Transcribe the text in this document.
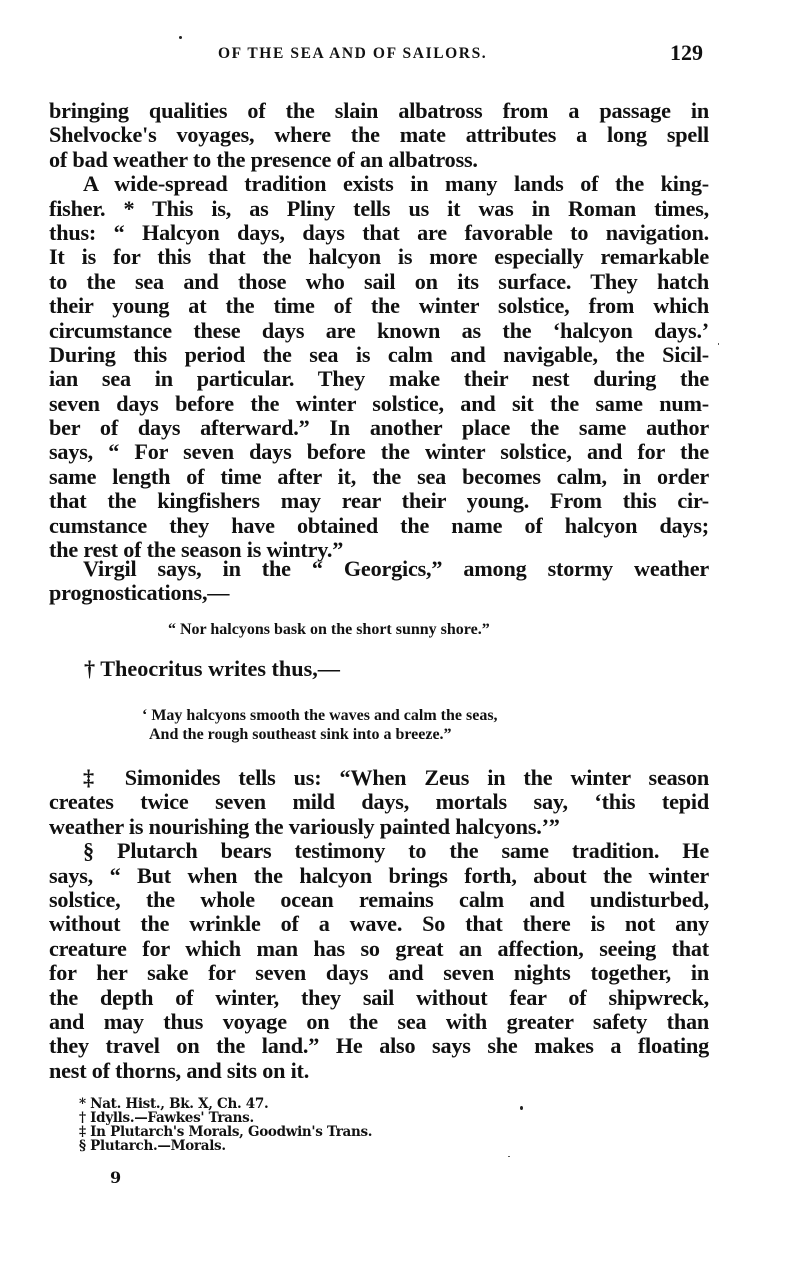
OF THE SEA AND OF SAILORS.	129
bringing qualities of the slain albatross from a passage in
Shelvocke's voyages, where the mate attributes a long spell
of bad weather to the presence of an albatross.
A wide-spread tradition exists in many lands of the king-
fisher. * This is, as Pliny tells us it was in Roman times,
thus: “ Halcyon days, days that are favorable to navigation.
It is for this that the halcyon is more especially remarkable
to the sea and those who sail on its surface. They hatch
their young at the time of the winter solstice, from which
circumstance these days are known as the ‘halcyon days.’
During this period the sea is calm and navigable, the Sicil-
ian sea in particular. They make their nest during the
seven days before the winter solstice, and sit the same num-
ber of days afterward.” In another place the same author
says, “ For seven days before the winter solstice, and for the
same length of time after it, the sea becomes calm, in order
that the kingfishers may rear their young. From this cir-
cumstance they have obtained the name of halcyon days;
the rest of the season is wintry.”
Virgil says, in the “ Georgics,” among stormy weather
prognostications,—
“ Nor halcyons bask on the short sunny shore.”
† Theocritus writes thus,—
‘ May halcyons smooth the waves and calm the seas,
And the rough southeast sink into a breeze.”
‡ Simonides tells us: “When Zeus in the winter season
creates twice seven mild days, mortals say, ‘this tepid
weather is nourishing the variously painted halcyons.’”
§ Plutarch bears testimony to the same tradition. He
says, “ But when the halcyon brings forth, about the winter
solstice, the whole ocean remains calm and undisturbed,
without the wrinkle of a wave. So that there is not any
creature for which man has so great an affection, seeing that
for her sake for seven days and seven nights together, in
the depth of winter, they sail without fear of shipwreck,
and may thus voyage on the sea with greater safety than
they travel on the land.” He also says she makes a floating
nest of thorns, and sits on it.
* Nat. Hist., Bk. X, Ch. 47.
† Idylls.—Fawkes' Trans.
‡ In Plutarch's Morals, Goodwin's Trans.
§ Plutarch.—Morals.
9
